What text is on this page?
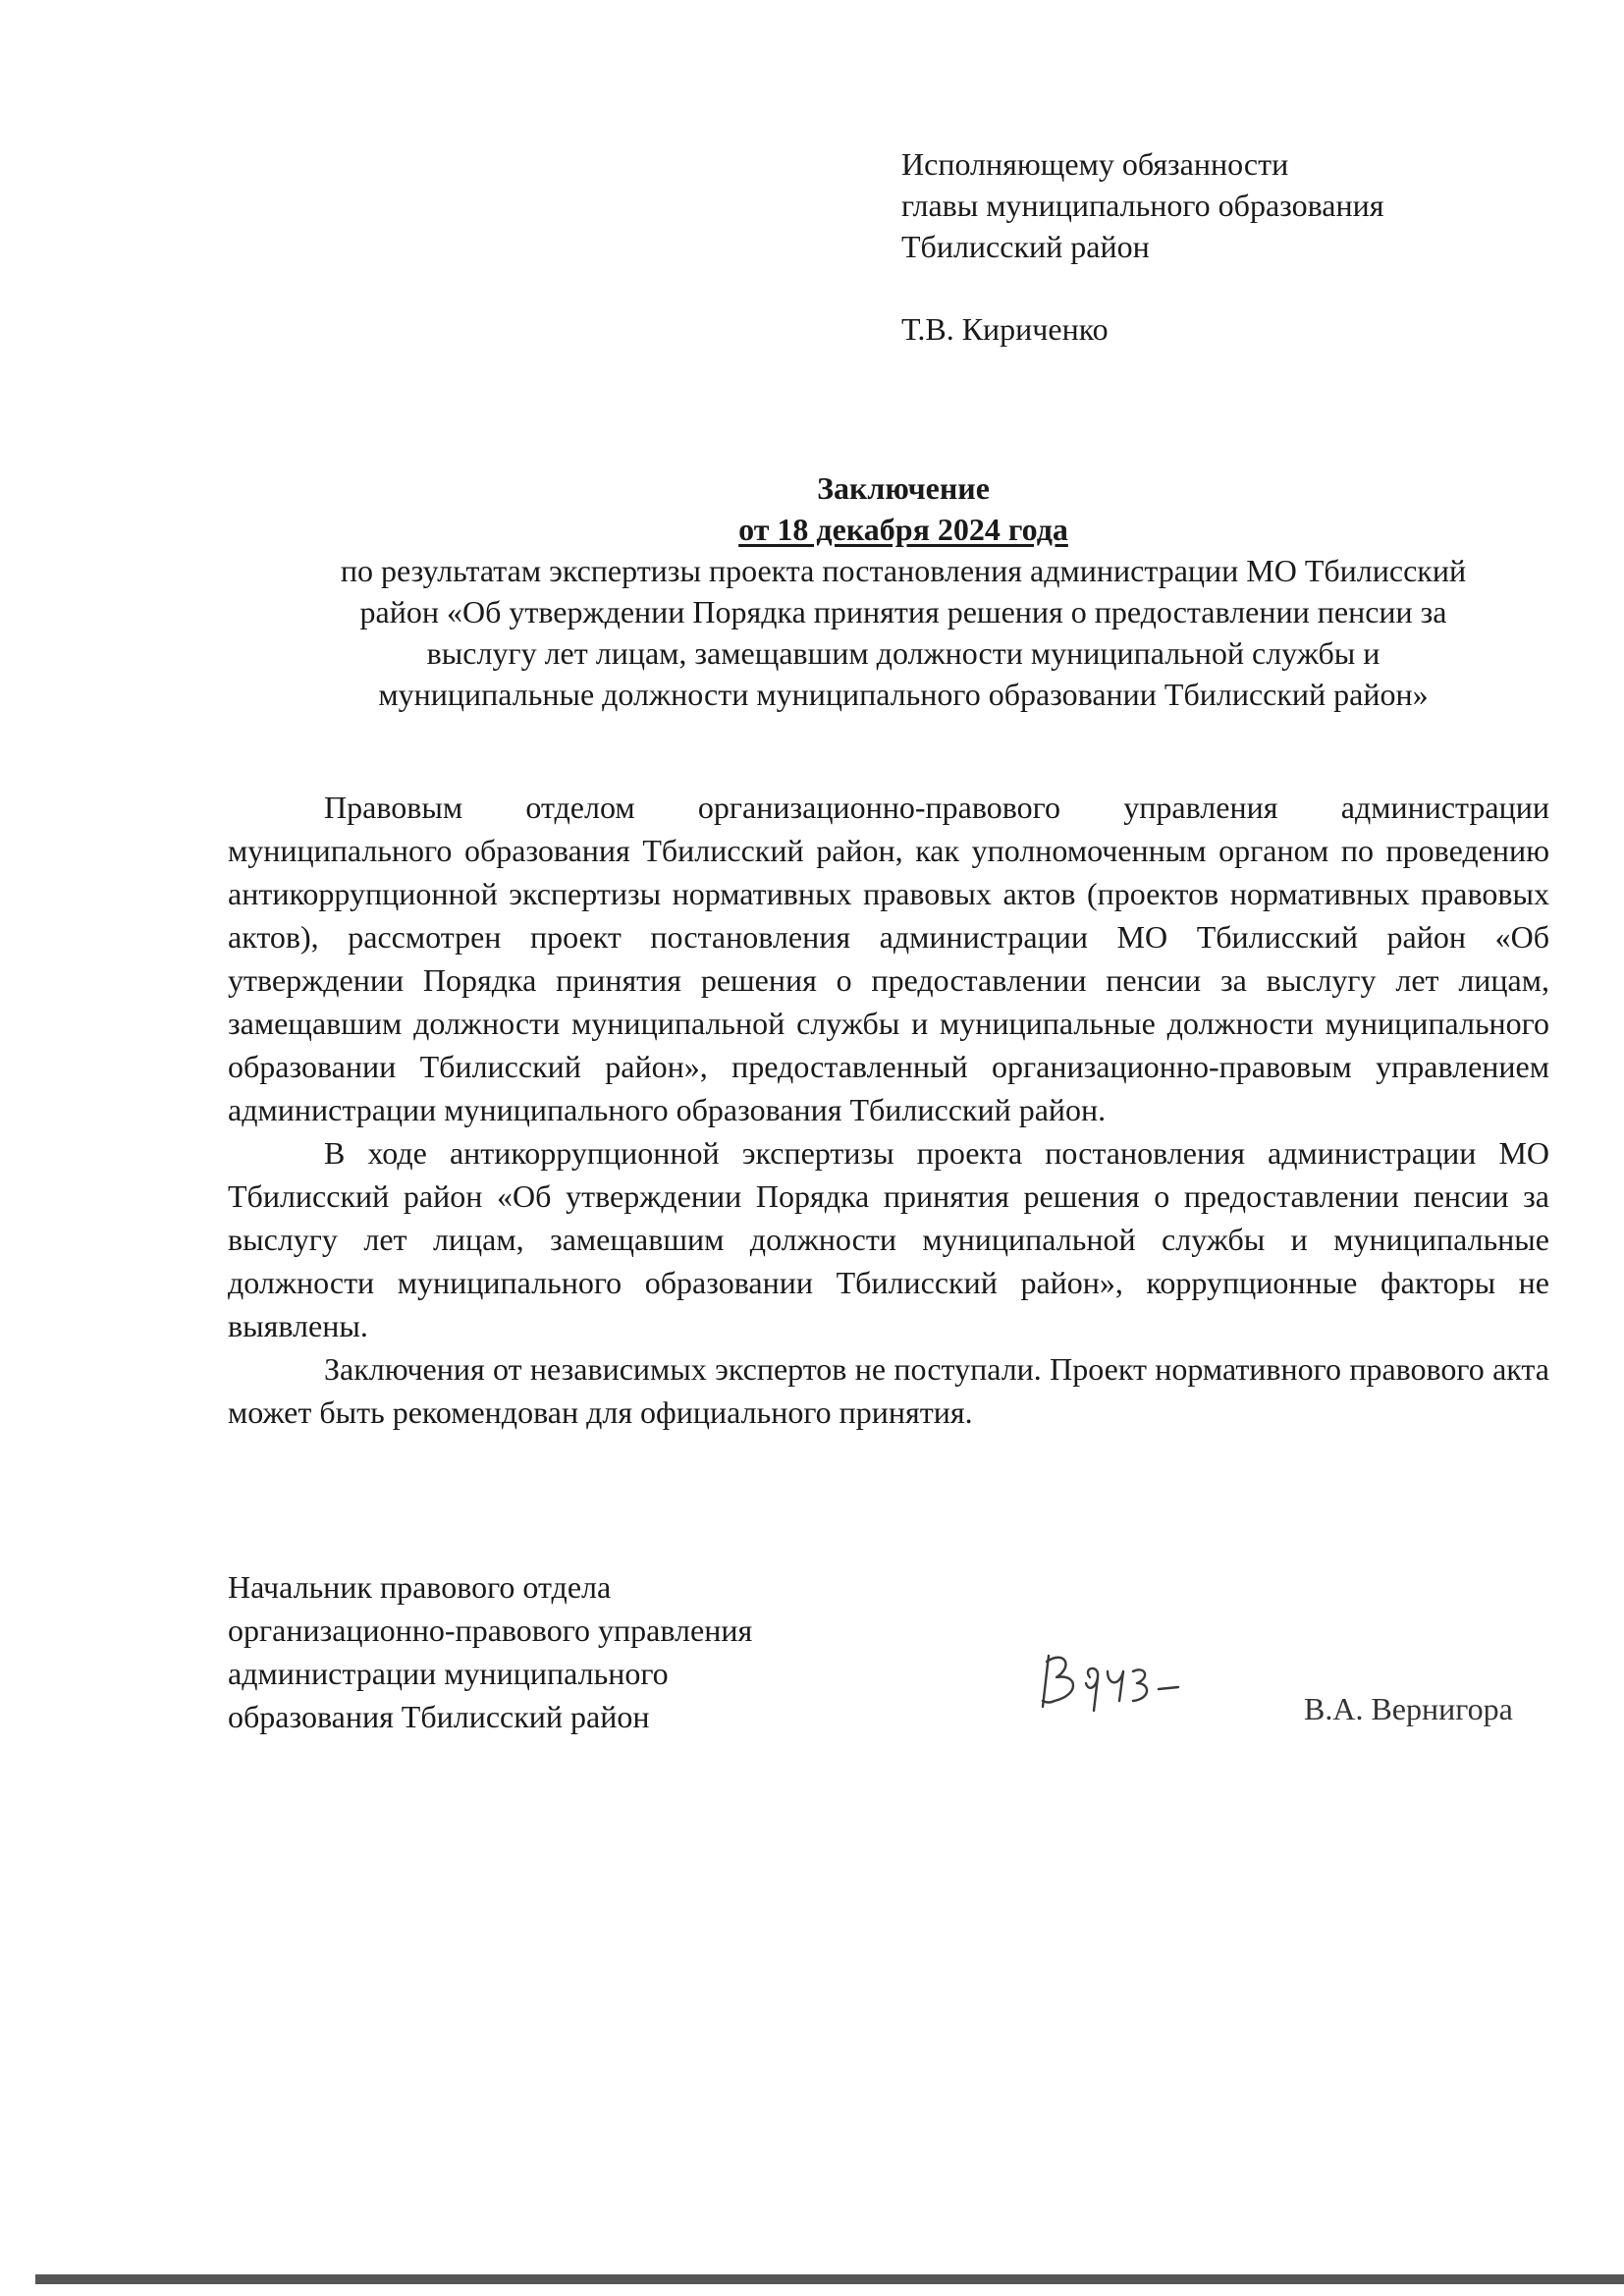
Исполняющему обязанности
главы муниципального образования
Тбилисский район
Т.В. Кириченко
Заключение
от 18 декабря 2024 года
по результатам экспертизы проекта постановления администрации МО Тбилисский
район «Об утверждении Порядка принятия решения о предоставлении пенсии за
выслугу лет лицам, замещавшим должности муниципальной службы и
муниципальные должности муниципального образовании Тбилисский район»

Правовым отделом организационно-правового управления администрации муниципального образования Тбилисский район, как уполномоченным органом по проведению антикоррупционной экспертизы нормативных правовых актов (проектов нормативных правовых актов), рассмотрен проект постановления администрации МО Тбилисский район «Об утверждении Порядка принятия решения о предоставлении пенсии за выслугу лет лицам, замещавшим должности муниципальной службы и муниципальные должности муниципального образовании Тбилисский район», предоставленный организационно-правовым управлением администрации муниципального образования Тбилисский район.

В ходе антикоррупционной экспертизы проекта постановления администрации МО Тбилисский район «Об утверждении Порядка принятия решения о предоставлении пенсии за выслугу лет лицам, замещавшим должности муниципальной службы и муниципальные должности муниципального образовании Тбилисский район», коррупционные факторы не выявлены.

Заключения от независимых экспертов не поступали. Проект нормативного правового акта может быть рекомендован для официального принятия.

Начальник правового отдела
организационно-правового управления
администрации муниципального
образования Тбилисский район	В.А. Вернигора
